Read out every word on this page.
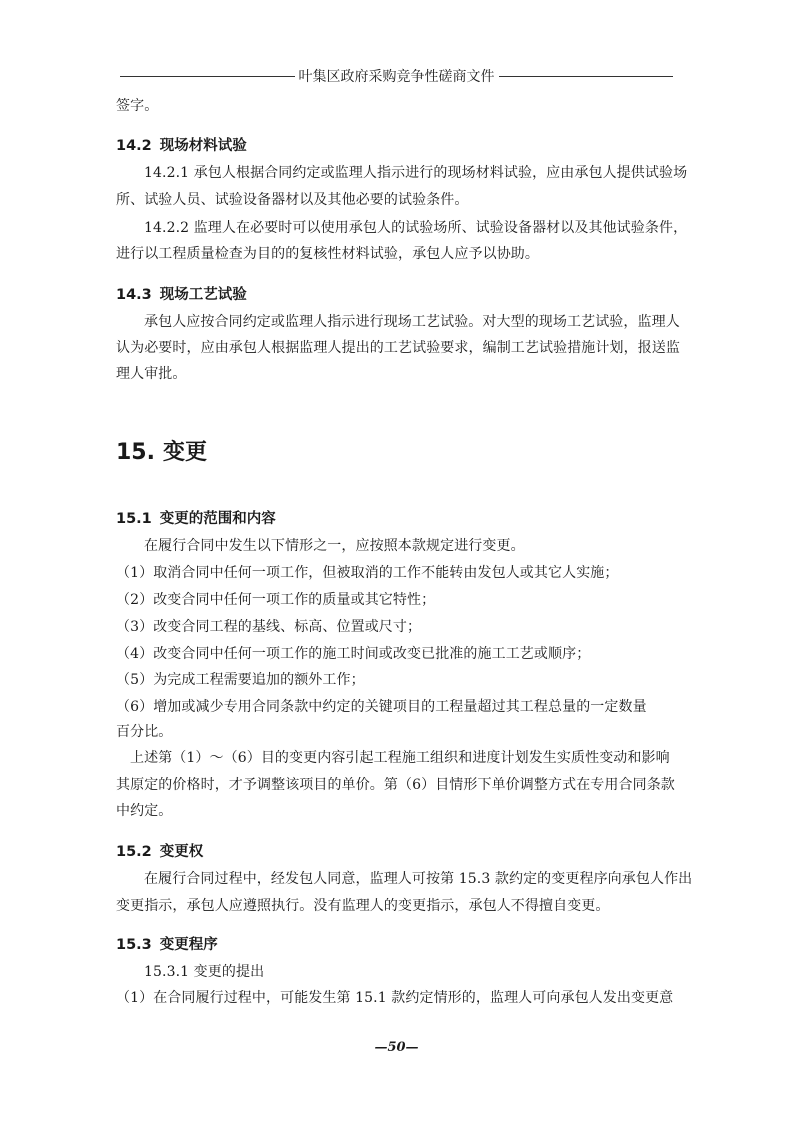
叶集区政府采购竞争性磋商文件
签字。
14.2 现场材料试验
14.2.1 承包人根据合同约定或监理人指示进行的现场材料试验，应由承包人提供试验场
所、试验人员、试验设备器材以及其他必要的试验条件。
14.2.2 监理人在必要时可以使用承包人的试验场所、试验设备器材以及其他试验条件，
进行以工程质量检查为目的的复核性材料试验，承包人应予以协助。
14.3 现场工艺试验
承包人应按合同约定或监理人指示进行现场工艺试验。对大型的现场工艺试验，监理人
认为必要时，应由承包人根据监理人提出的工艺试验要求，编制工艺试验措施计划，报送监
理人审批。
15. 变更
15.1 变更的范围和内容
在履行合同中发生以下情形之一，应按照本款规定进行变更。
（1）取消合同中任何一项工作，但被取消的工作不能转由发包人或其它人实施；
（2）改变合同中任何一项工作的质量或其它特性；
（3）改变合同工程的基线、标高、位置或尺寸；
（4）改变合同中任何一项工作的施工时间或改变已批准的施工工艺或顺序；
（5）为完成工程需要追加的额外工作；
（6）增加或减少专用合同条款中约定的关键项目的工程量超过其工程总量的一定数量
百分比。
上述第（1）～（6）目的变更内容引起工程施工组织和进度计划发生实质性变动和影响
其原定的价格时，才予调整该项目的单价。第（6）目情形下单价调整方式在专用合同条款
中约定。
15.2 变更权
在履行合同过程中，经发包人同意，监理人可按第 15.3 款约定的变更程序向承包人作出
变更指示，承包人应遵照执行。没有监理人的变更指示，承包人不得擅自变更。
15.3 变更程序
15.3.1 变更的提出
（1）在合同履行过程中，可能发生第 15.1 款约定情形的，监理人可向承包人发出变更意
—50—
